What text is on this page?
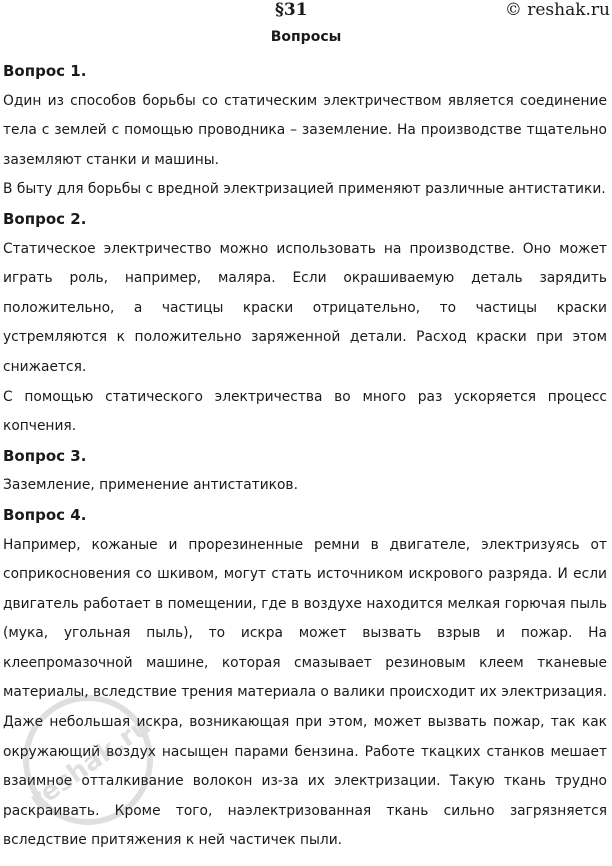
§31	© reshak.ru
Вопросы

Вопрос 1.

Один из способов борьбы со статическим электричеством является соединение тела с землей с помощью проводника – заземление. На производстве тщательно заземляют станки и машины.

В быту для борьбы с вредной электризацией применяют различные антистатики.

Вопрос 2.

Статическое электричество можно использовать на производстве. Оно может играть роль, например, маляра. Если окрашиваемую деталь зарядить положительно, а частицы краски отрицательно, то частицы краски устремляются к положительно заряженной детали. Расход краски при этом снижается.

С помощью статического электричества во много раз ускоряется процесс копчения.

Вопрос 3.

Заземление, применение антистатиков.

Вопрос 4.

Например, кожаные и прорезиненные ремни в двигателе, электризуясь от соприкосновения со шкивом, могут стать источником искрового разряда. И если двигатель работает в помещении, где в воздухе находится мелкая горючая пыль (мука, угольная пыль), то искра может вызвать взрыв и пожар. На клеепромазочной машине, которая смазывает резиновым клеем тканевые материалы, вследствие трения материала о валики происходит их электризация. Даже небольшая искра, возникающая при этом, может вызвать пожар, так как окружающий воздух насыщен парами бензина. Работе ткацких станков мешает взаимное отталкивание волокон из-за их электризации. Такую ткань трудно раскраивать. Кроме того, наэлектризованная ткань сильно загрязняется вследствие притяжения к ней частичек пыли.

reshak.ru
